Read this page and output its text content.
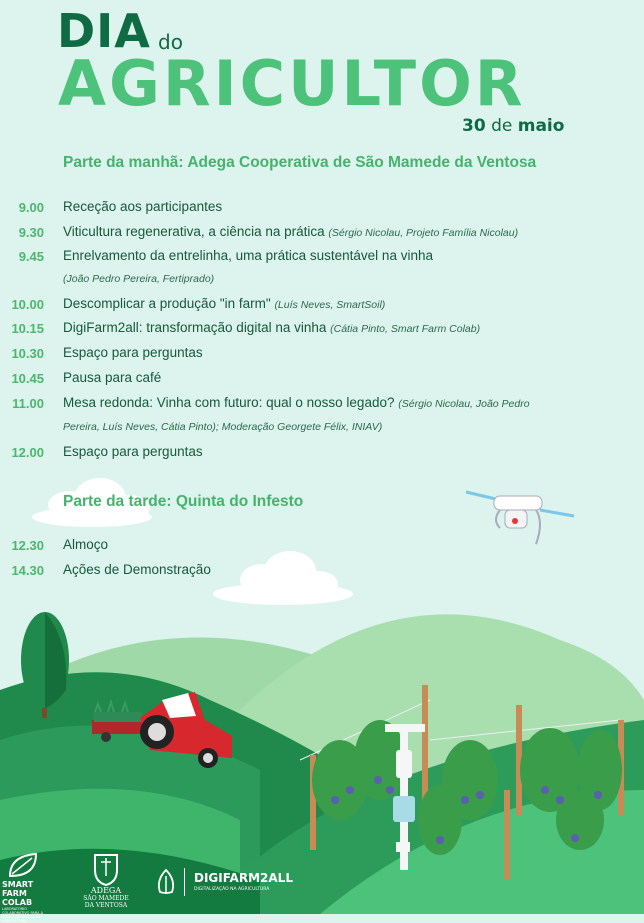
DIA do
AGRICULTOR
30 de maio
Parte da manhã: Adega Cooperativa de São Mamede da Ventosa
9.00 Receção aos participantes
9.30 Viticultura regenerativa, a ciência na prática (Sérgio Nicolau, Projeto Família Nicolau)
9.45 Enrelvamento da entrelinha, uma prática sustentável na vinha
(João Pedro Pereira, Fertiprado)
10.00 Descomplicar a produção "in farm" (Luís Neves, SmartSoil)
10.15 DigiFarm2all: transformação digital na vinha (Cátia Pinto, Smart Farm Colab)
10.30 Espaço para perguntas
10.45 Pausa para café
11.00 Mesa redonda: Vinha com futuro: qual o nosso legado? (Sérgio Nicolau, João Pedro
Pereira, Luís Neves, Cátia Pinto); Moderação Georgete Félix, INIAV)
12.00 Espaço para perguntas
Parte da tarde: Quinta do Infesto
12.30 Almoço
14.30 Ações de Demonstração
SMART FARM
COLAB
LABORATÓRIO COLABORATIVO PARA A INOVAÇÃO DIGITAL NA AGRICULTURA
ADEGA
SÃO MAMEDE
DA VENTOSA
DIGIFARM2ALL
DIGITALIZAÇÃO NA AGRICULTURA
